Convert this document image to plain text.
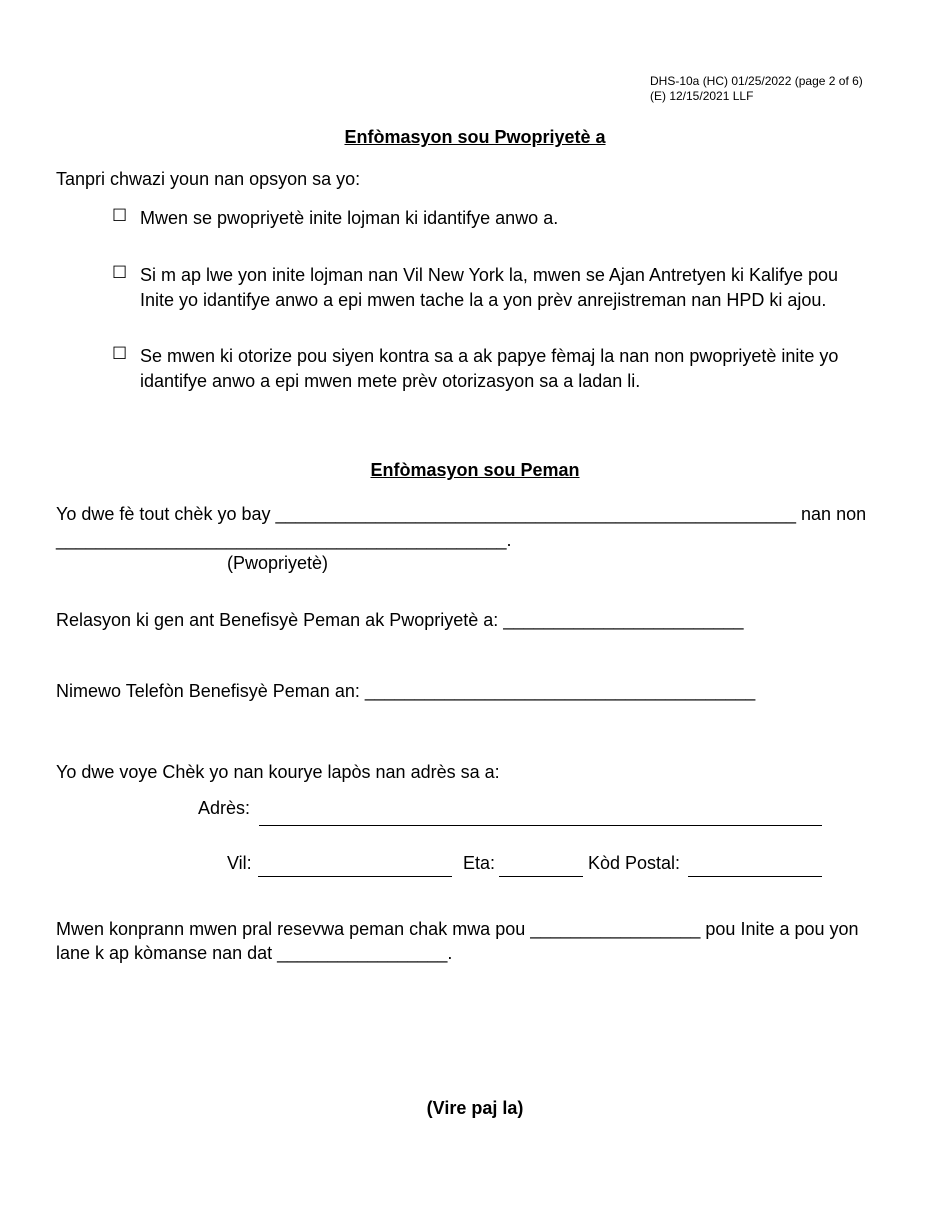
DHS-10a (HC) 01/25/2022 (page 2 of 6)
(E) 12/15/2021 LLF
Enfòmasyon sou Pwopriyetè a
Tanpri chwazi youn nan opsyon sa yo:
☐ Mwen se pwopriyetè inite lojman ki idantifye anwo a.
☐ Si m ap lwe yon inite lojman nan Vil New York la, mwen se Ajan Antretyen ki Kalifye pou
Inite yo idantifye anwo a epi mwen tache la a yon prèv anrejistreman nan HPD ki ajou.
☐ Se mwen ki otorize pou siyen kontra sa a ak papye fèmaj la nan non pwopriyetè inite yo
idantifye anwo a epi mwen mete prèv otorizasyon sa a ladan li.
Enfòmasyon sou Peman
Yo dwe fè tout chèk yo bay ____________________________________________________ nan non
_____________________________________________.
(Pwopriyetè)
Relasyon ki gen ant Benefisyè Peman ak Pwopriyetè a: ________________________
Nimewo Telefòn Benefisyè Peman an: _______________________________________
Yo dwe voye Chèk yo nan kourye lapòs nan adrès sa a:
Adrès:
Vil:	Eta:	Kòd Postal:
Mwen konprann mwen pral resevwa peman chak mwa pou _________________ pou Inite a pou yon
lane k ap kòmanse nan dat _________________.
(Vire paj la)
